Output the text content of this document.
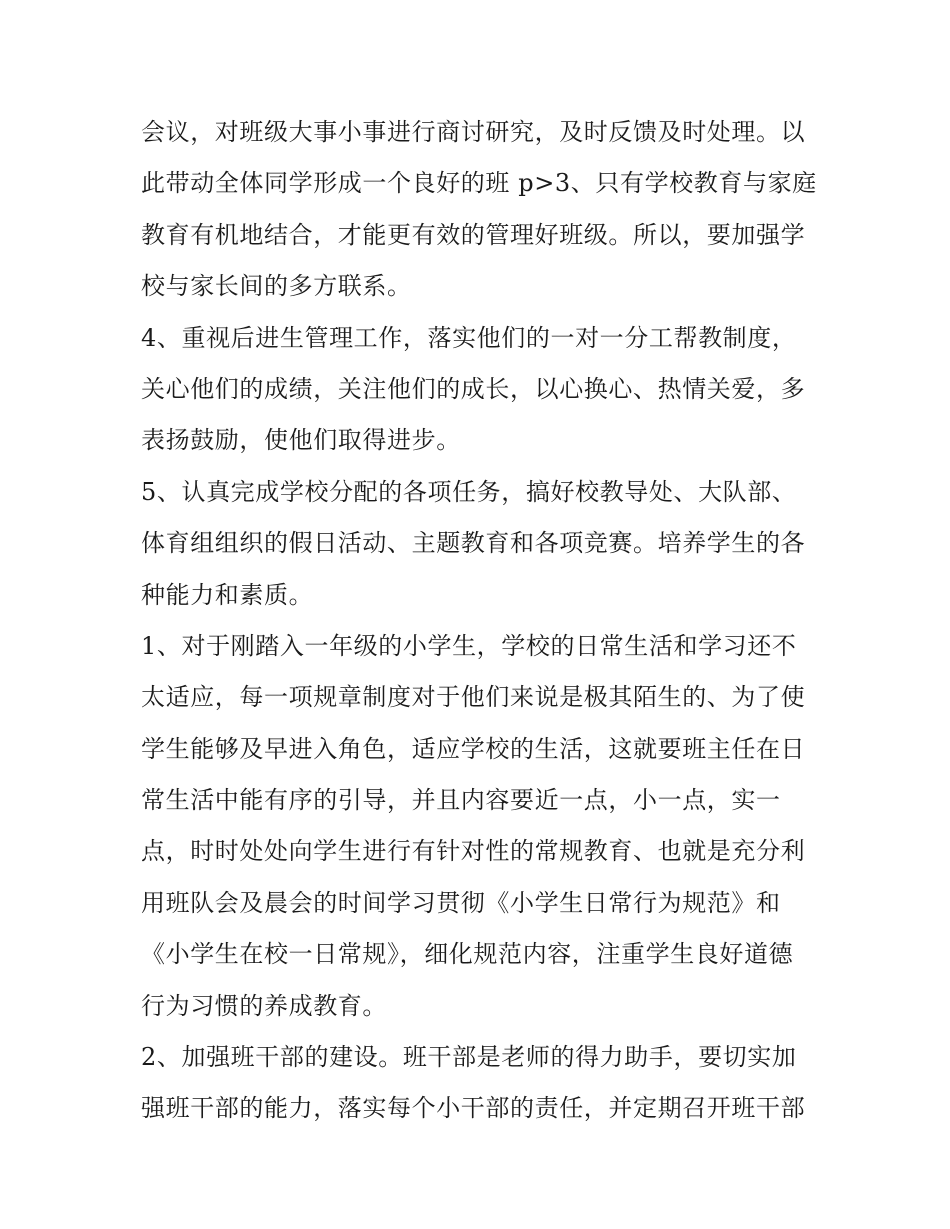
会议，对班级大事小事进行商讨研究，及时反馈及时处理。以
此带动全体同学形成一个良好的班 p>3、只有学校教育与家庭
教育有机地结合，才能更有效的管理好班级。所以，要加强学
校与家长间的多方联系。
4、重视后进生管理工作，落实他们的一对一分工帮教制度，
关心他们的成绩，关注他们的成长，以心换心、热情关爱，多
表扬鼓励，使他们取得进步。
5、认真完成学校分配的各项任务，搞好校教导处、大队部、
体育组组织的假日活动、主题教育和各项竞赛。培养学生的各
种能力和素质。
1、对于刚踏入一年级的小学生，学校的日常生活和学习还不
太适应，每一项规章制度对于他们来说是极其陌生的、为了使
学生能够及早进入角色，适应学校的生活，这就要班主任在日
常生活中能有序的引导，并且内容要近一点，小一点，实一
点，时时处处向学生进行有针对性的常规教育、也就是充分利
用班队会及晨会的时间学习贯彻《小学生日常行为规范》和
《小学生在校一日常规》，细化规范内容，注重学生良好道德
行为习惯的养成教育。
2、加强班干部的建设。班干部是老师的得力助手，要切实加
强班干部的能力，落实每个小干部的责任，并定期召开班干部
